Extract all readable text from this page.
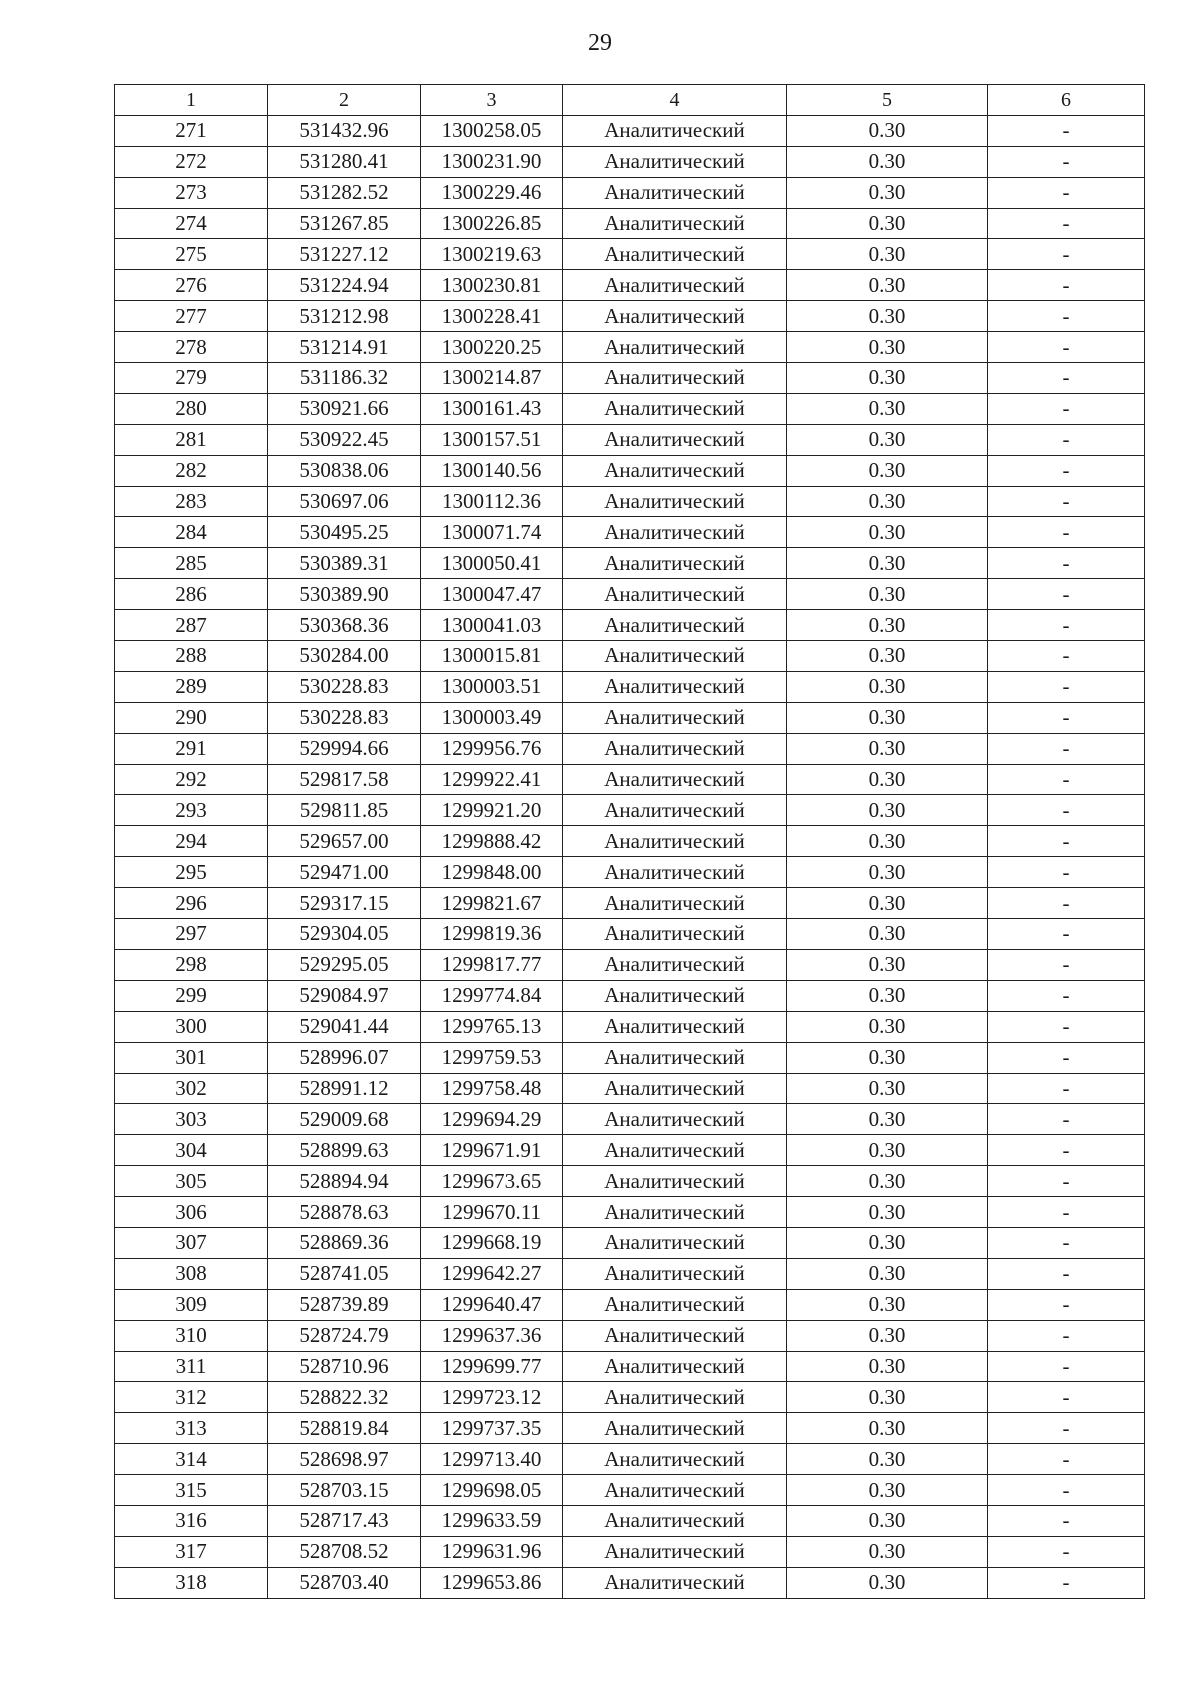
29
1	2	3	4	5	6
271	531432.96	1300258.05	Аналитический	0.30	-
272	531280.41	1300231.90	Аналитический	0.30	-
273	531282.52	1300229.46	Аналитический	0.30	-
274	531267.85	1300226.85	Аналитический	0.30	-
275	531227.12	1300219.63	Аналитический	0.30	-
276	531224.94	1300230.81	Аналитический	0.30	-
277	531212.98	1300228.41	Аналитический	0.30	-
278	531214.91	1300220.25	Аналитический	0.30	-
279	531186.32	1300214.87	Аналитический	0.30	-
280	530921.66	1300161.43	Аналитический	0.30	-
281	530922.45	1300157.51	Аналитический	0.30	-
282	530838.06	1300140.56	Аналитический	0.30	-
283	530697.06	1300112.36	Аналитический	0.30	-
284	530495.25	1300071.74	Аналитический	0.30	-
285	530389.31	1300050.41	Аналитический	0.30	-
286	530389.90	1300047.47	Аналитический	0.30	-
287	530368.36	1300041.03	Аналитический	0.30	-
288	530284.00	1300015.81	Аналитический	0.30	-
289	530228.83	1300003.51	Аналитический	0.30	-
290	530228.83	1300003.49	Аналитический	0.30	-
291	529994.66	1299956.76	Аналитический	0.30	-
292	529817.58	1299922.41	Аналитический	0.30	-
293	529811.85	1299921.20	Аналитический	0.30	-
294	529657.00	1299888.42	Аналитический	0.30	-
295	529471.00	1299848.00	Аналитический	0.30	-
296	529317.15	1299821.67	Аналитический	0.30	-
297	529304.05	1299819.36	Аналитический	0.30	-
298	529295.05	1299817.77	Аналитический	0.30	-
299	529084.97	1299774.84	Аналитический	0.30	-
300	529041.44	1299765.13	Аналитический	0.30	-
301	528996.07	1299759.53	Аналитический	0.30	-
302	528991.12	1299758.48	Аналитический	0.30	-
303	529009.68	1299694.29	Аналитический	0.30	-
304	528899.63	1299671.91	Аналитический	0.30	-
305	528894.94	1299673.65	Аналитический	0.30	-
306	528878.63	1299670.11	Аналитический	0.30	-
307	528869.36	1299668.19	Аналитический	0.30	-
308	528741.05	1299642.27	Аналитический	0.30	-
309	528739.89	1299640.47	Аналитический	0.30	-
310	528724.79	1299637.36	Аналитический	0.30	-
311	528710.96	1299699.77	Аналитический	0.30	-
312	528822.32	1299723.12	Аналитический	0.30	-
313	528819.84	1299737.35	Аналитический	0.30	-
314	528698.97	1299713.40	Аналитический	0.30	-
315	528703.15	1299698.05	Аналитический	0.30	-
316	528717.43	1299633.59	Аналитический	0.30	-
317	528708.52	1299631.96	Аналитический	0.30	-
318	528703.40	1299653.86	Аналитический	0.30	-
